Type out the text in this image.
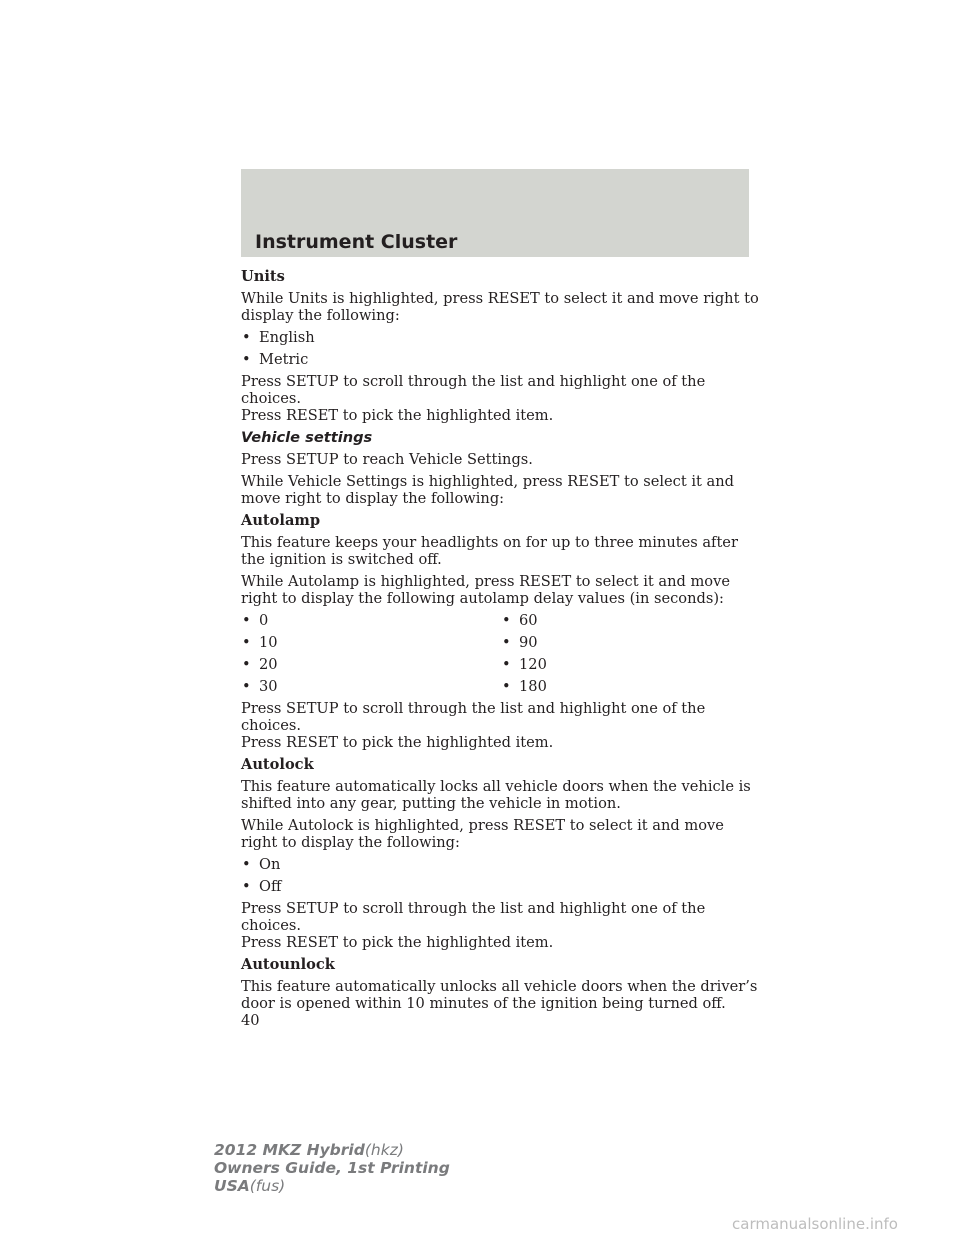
Instrument Cluster

Units

While Units is highlighted, press RESET to select it and move right to display the following:

• English
• Metric

Press SETUP to scroll through the list and highlight one of the choices.
Press RESET to pick the highlighted item.

Vehicle settings

Press SETUP to reach Vehicle Settings.

While Vehicle Settings is highlighted, press RESET to select it and move right to display the following:

Autolamp

This feature keeps your headlights on for up to three minutes after the ignition is switched off.

While Autolamp is highlighted, press RESET to select it and move right to display the following autolamp delay values (in seconds):

• 0
• 10
• 20
• 30
• 60
• 90
• 120
• 180

Press SETUP to scroll through the list and highlight one of the choices.
Press RESET to pick the highlighted item.

Autolock

This feature automatically locks all vehicle doors when the vehicle is shifted into any gear, putting the vehicle in motion.

While Autolock is highlighted, press RESET to select it and move right to display the following:

• On
• Off

Press SETUP to scroll through the list and highlight one of the choices.
Press RESET to pick the highlighted item.

Autounlock

This feature automatically unlocks all vehicle doors when the driver’s door is opened within 10 minutes of the ignition being turned off.

40
2012 MKZ Hybrid(hkz)
Owners Guide, 1st Printing
USA(fus)
carmanualsonline.info
